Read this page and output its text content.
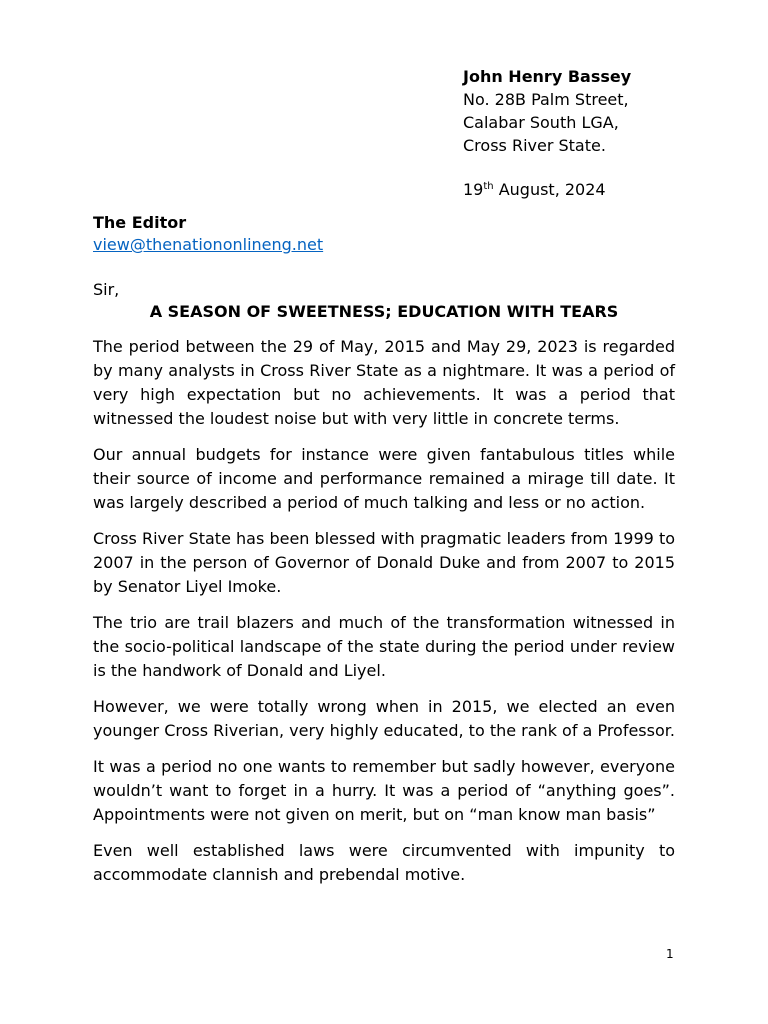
John Henry Bassey
No. 28B Palm Street,
Calabar South LGA,
Cross River State.
19th August, 2024
The Editor
view@thenationonlineng.net
Sir,
A SEASON OF SWEETNESS; EDUCATION WITH TEARS

The period between the 29 of May, 2015 and May 29, 2023 is regarded by many analysts in Cross River State as a nightmare. It was a period of very high expectation but no achievements. It was a period that witnessed the loudest noise but with very little in concrete terms.

Our annual budgets for instance were given fantabulous titles while their source of income and performance remained a mirage till date. It was largely described a period of much talking and less or no action.

Cross River State has been blessed with pragmatic leaders from 1999 to 2007 in the person of Governor of Donald Duke and from 2007 to 2015 by Senator Liyel Imoke.

The trio are trail blazers and much of the transformation witnessed in the socio-political landscape of the state during the period under review is the handwork of Donald and Liyel.

However, we were totally wrong when in 2015, we elected an even younger Cross Riverian, very highly educated, to the rank of a Professor.

It was a period no one wants to remember but sadly however, everyone wouldn’t want to forget in a hurry. It was a period of “anything goes”. Appointments were not given on merit, but on “man know man basis”

Even well established laws were circumvented with impunity to accommodate clannish and prebendal motive.

1
